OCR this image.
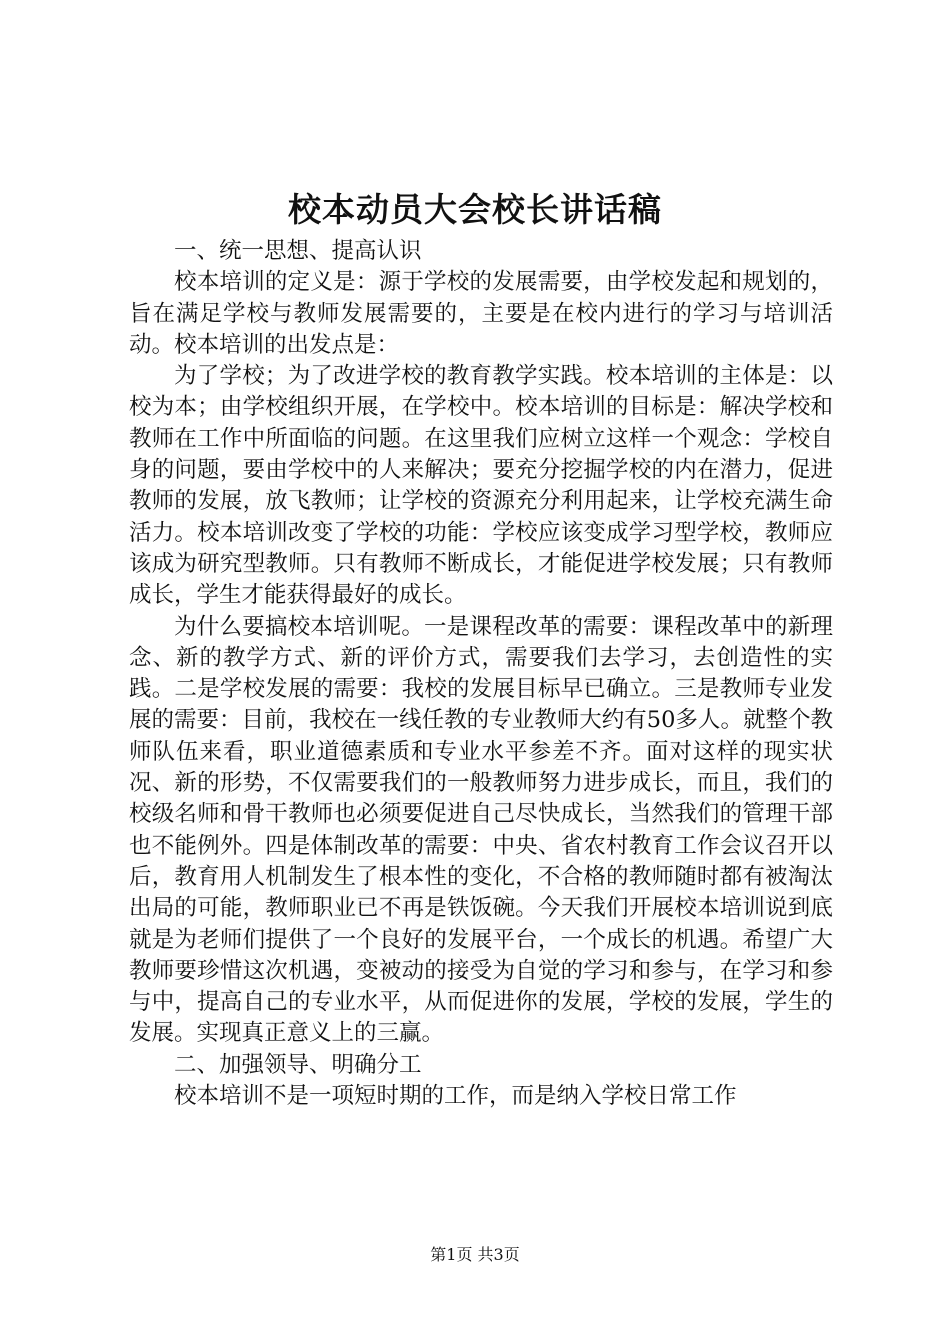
校本动员大会校长讲话稿

一、统一思想、提高认识

校本培训的定义是：源于学校的发展需要，由学校发起和规划的，旨在满足学校与教师发展需要的，主要是在校内进行的学习与培训活动。校本培训的出发点是：

为了学校；为了改进学校的教育教学实践。校本培训的主体是：以校为本；由学校组织开展，在学校中。校本培训的目标是：解决学校和教师在工作中所面临的问题。在这里我们应树立这样一个观念：学校自身的问题，要由学校中的人来解决；要充分挖掘学校的内在潜力，促进教师的发展，放飞教师；让学校的资源充分利用起来，让学校充满生命活力。校本培训改变了学校的功能：学校应该变成学习型学校，教师应该成为研究型教师。只有教师不断成长，才能促进学校发展；只有教师成长，学生才能获得最好的成长。

为什么要搞校本培训呢。一是课程改革的需要：课程改革中的新理念、新的教学方式、新的评价方式，需要我们去学习，去创造性的实践。二是学校发展的需要：我校的发展目标早已确立。三是教师专业发展的需要：目前，我校在一线任教的专业教师大约有50多人。就整个教师队伍来看，职业道德素质和专业水平参差不齐。面对这样的现实状况、新的形势，不仅需要我们的一般教师努力进步成长，而且，我们的校级名师和骨干教师也必须要促进自己尽快成长，当然我们的管理干部也不能例外。四是体制改革的需要：中央、省农村教育工作会议召开以后，教育用人机制发生了根本性的变化，不合格的教师随时都有被淘汰出局的可能，教师职业已不再是铁饭碗。今天我们开展校本培训说到底就是为老师们提供了一个良好的发展平台，一个成长的机遇。希望广大教师要珍惜这次机遇，变被动的接受为自觉的学习和参与，在学习和参与中，提高自己的专业水平，从而促进你的发展，学校的发展，学生的发展。实现真正意义上的三赢。

二、加强领导、明确分工

校本培训不是一项短时期的工作，而是纳入学校日常工作

第1页 共3页
